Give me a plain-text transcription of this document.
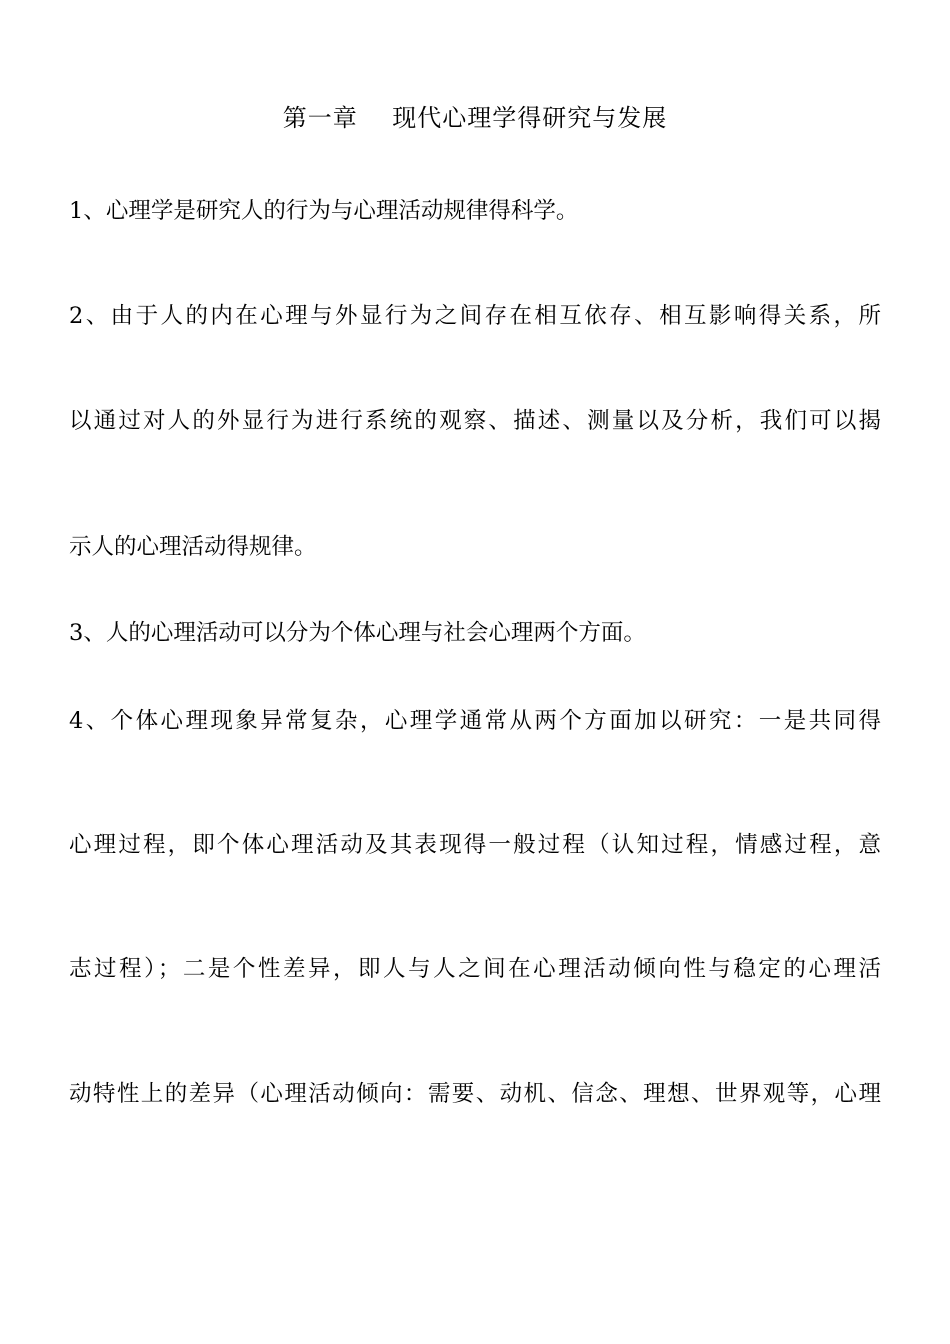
第一章    现代心理学得研究与发展
1、心理学是研究人的行为与心理活动规律得科学。
2、由于人的内在心理与外显行为之间存在相互依存、相互影响得关系，所
以通过对人的外显行为进行系统的观察、描述、测量以及分析，我们可以揭
示人的心理活动得规律。
3、人的心理活动可以分为个体心理与社会心理两个方面。
4、个体心理现象异常复杂，心理学通常从两个方面加以研究：一是共同得
心理过程，即个体心理活动及其表现得一般过程（认知过程，情感过程，意
志过程）；二是个性差异，即人与人之间在心理活动倾向性与稳定的心理活
动特性上的差异（心理活动倾向：需要、动机、信念、理想、世界观等，心理
